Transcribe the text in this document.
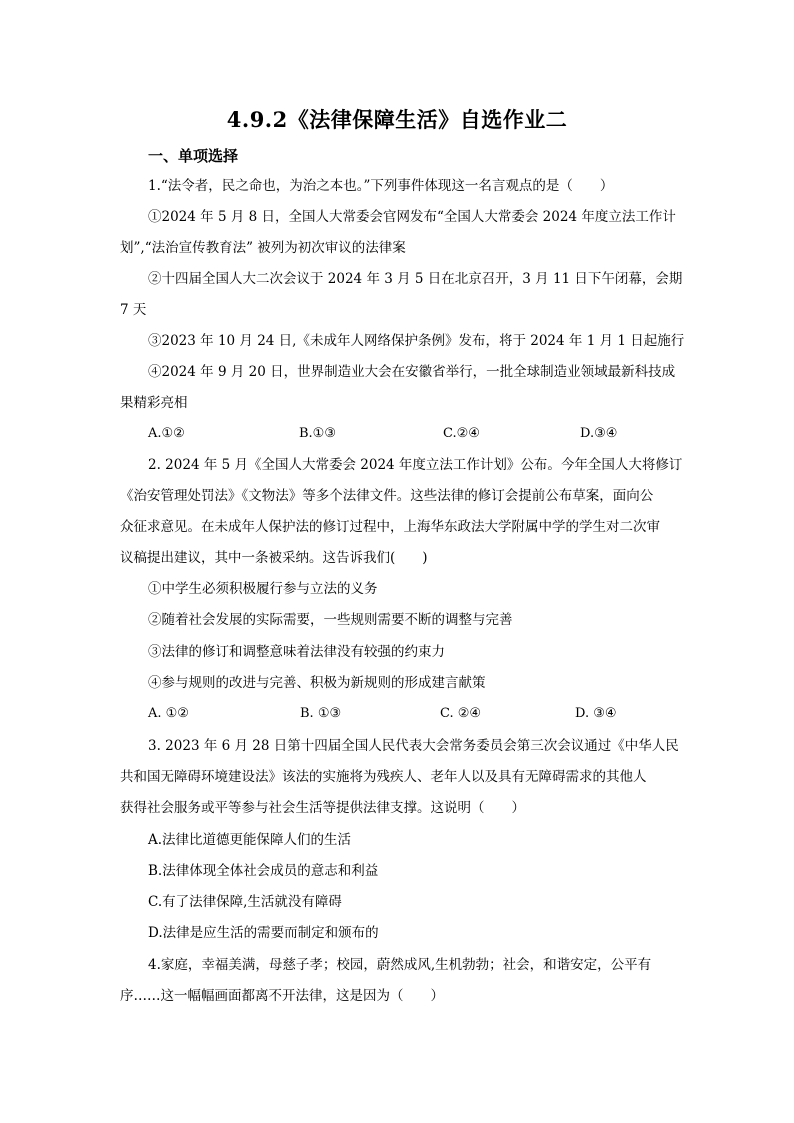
4.9.2《法律保障生活》自选作业二
一、单项选择
1.“法令者，民之命也，为治之本也。”下列事件体现这一名言观点的是（　　）
①2024 年 5 月 8 日，全国人大常委会官网发布“全国人大常委会 2024 年度立法工作计
划”,“法治宣传教育法” 被列为初次审议的法律案
②十四届全国人大二次会议于 2024 年 3 月 5 日在北京召开，3 月 11 日下午闭幕，会期
7 天
③2023 年 10 月 24 日,《未成年人网络保护条例》发布，将于 2024 年 1 月 1 日起施行
④2024 年 9 月 20 日，世界制造业大会在安徽省举行，一批全球制造业领域最新科技成
果精彩亮相
A.①②	B.①③	C.②④	D.③④
2. 2024 年 5 月《全国人大常委会 2024 年度立法工作计划》公布。今年全国人大将修订
《治安管理处罚法》《文物法》等多个法律文件。这些法律的修订会提前公布草案，面向公
众征求意见。在未成年人保护法的修订过程中，上海华东政法大学附属中学的学生对二次审
议稿提出建议，其中一条被采纳。这告诉我们(　　)
①中学生必须积极履行参与立法的义务
②随着社会发展的实际需要，一些规则需要不断的调整与完善
③法律的修订和调整意味着法律没有较强的约束力
④参与规则的改进与完善、积极为新规则的形成建言献策
A. ①②	B. ①③	C. ②④	D. ③④
3. 2023 年 6 月 28 日第十四届全国人民代表大会常务委员会第三次会议通过《中华人民
共和国无障碍环境建设法》该法的实施将为残疾人、老年人以及具有无障碍需求的其他人
获得社会服务或平等参与社会生活等提供法律支撑。这说明（　　）
A.法律比道德更能保障人们的生活
B.法律体现全体社会成员的意志和利益
C.有了法律保障,生活就没有障碍
D.法律是应生活的需要而制定和颁布的
4.家庭，幸福美满，母慈子孝；校园，蔚然成风,生机勃勃；社会，和谐安定，公平有
序……这一幅幅画面都离不开法律，这是因为（　　）
